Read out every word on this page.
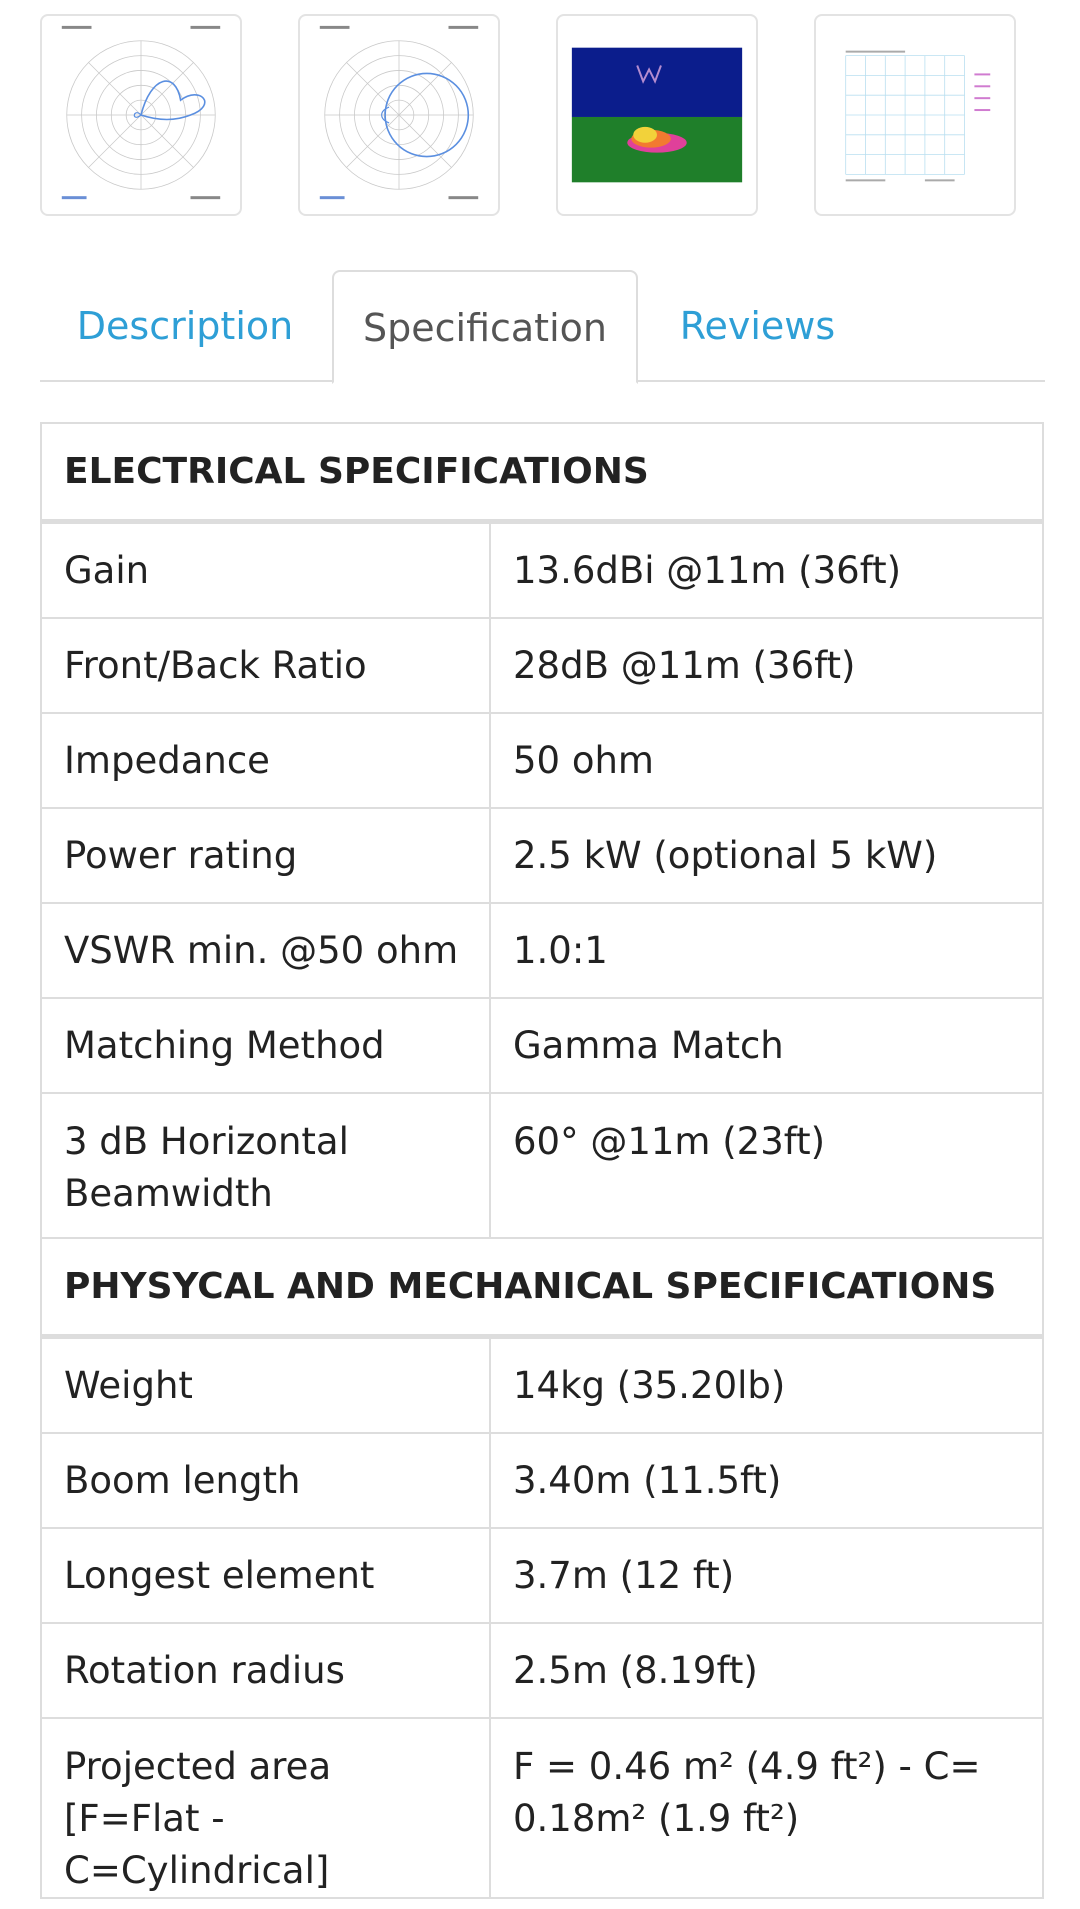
Description	Specification	Reviews
ELECTRICAL SPECIFICATIONS	
Gain	13.6dBi @11m (36ft)
Front/Back Ratio	28dB @11m (36ft)
Impedance	50 ohm
Power rating	2.5 kW (optional 5 kW)
VSWR min. @50 ohm	1.0:1
Matching Method	Gamma Match
3 dB Horizontal Beamwidth	60° @11m (23ft)
PHYSYCAL AND MECHANICAL SPECIFICATIONS	
Weight	14kg (35.20lb)
Boom length	3.40m (11.5ft)
Longest element	3.7m (12 ft)
Rotation radius	2.5m (8.19ft)
Projected area [F=Flat - C=Cylindrical]	F = 0.46 m² (4.9 ft²) - C= 0.18m² (1.9 ft²)
